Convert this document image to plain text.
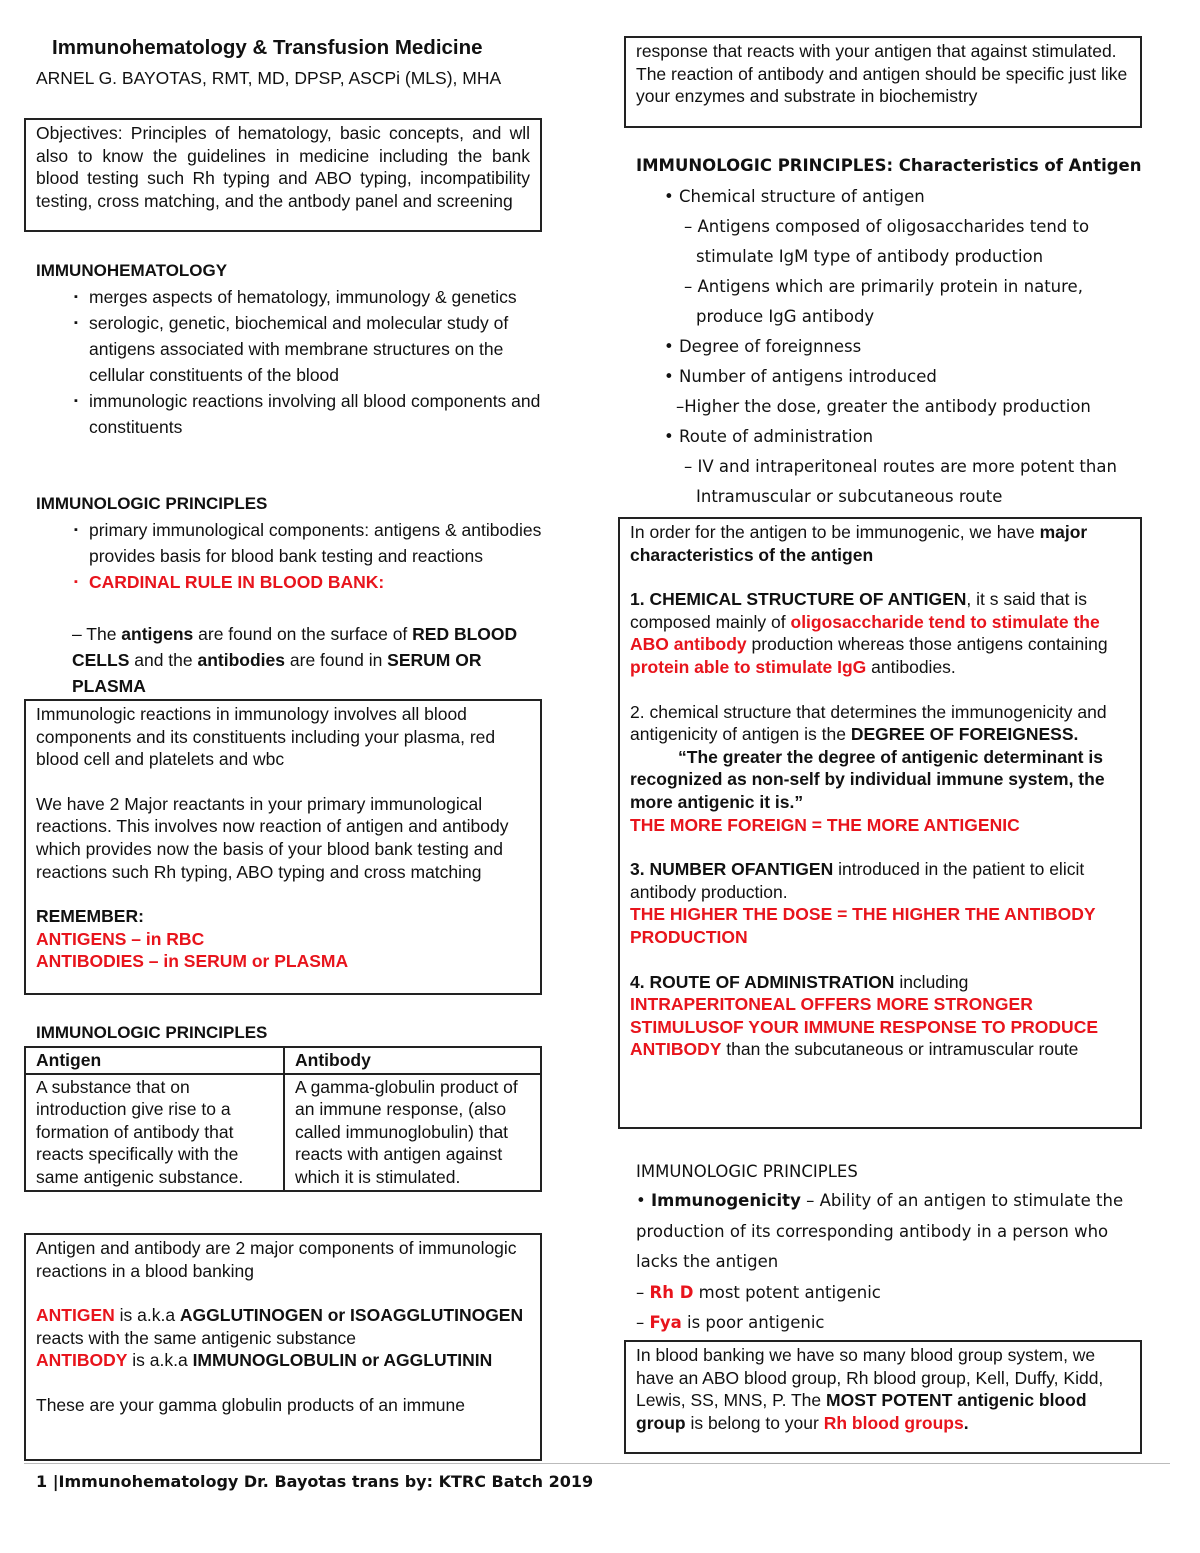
Immunohematology & Transfusion Medicine
ARNEL G. BAYOTAS, RMT, MD, DPSP, ASCPi (MLS), MHA
Objectives: Principles of hematology, basic concepts, and wll also to know the guidelines in medicine including the bank blood testing such Rh typing and ABO typing, incompatibility testing, cross matching, and the antbody panel and screening
IMMUNOHEMATOLOGY
▪ merges aspects of hematology, immunology & genetics
▪ serologic, genetic, biochemical and molecular study of antigens associated with membrane structures on the cellular constituents of the blood
▪ immunologic reactions involving all blood components and constituents
IMMUNOLOGIC PRINCIPLES
▪ primary immunological components: antigens & antibodies provides basis for blood bank testing and reactions
▪ CARDINAL RULE IN BLOOD BANK:
– The antigens are found on the surface of RED BLOOD CELLS and the antibodies are found in SERUM OR PLASMA
Immunologic reactions in immunology involves all blood components and its constituents including your plasma, red blood cell and platelets and wbc
We have 2 Major reactants in your primary immunological reactions. This involves now reaction of antigen and antibody which provides now the basis of your blood bank testing and reactions such Rh typing, ABO typing and cross matching
REMEMBER:
ANTIGENS – in RBC
ANTIBODIES – in SERUM or PLASMA
IMMUNOLOGIC PRINCIPLES
Antigen	Antibody
A substance that on introduction give rise to a formation of antibody that reacts specifically with the same antigenic substance.	A gamma-globulin product of an immune response, (also called immunoglobulin) that reacts with antigen against which it is stimulated.
Antigen and antibody are 2 major components of immunologic reactions in a blood banking
ANTIGEN is a.k.a AGGLUTINOGEN or ISOAGGLUTINOGEN reacts with the same antigenic substance
ANTIBODY is a.k.a IMMUNOGLOBULIN or AGGLUTININ
These are your gamma globulin products of an immune
response that reacts with your antigen that against stimulated. The reaction of antibody and antigen should be specific just like your enzymes and substrate in biochemistry
IMMUNOLOGIC PRINCIPLES: Characteristics of Antigen
• Chemical structure of antigen
– Antigens composed of oligosaccharides tend to
stimulate IgM type of antibody production
– Antigens which are primarily protein in nature,
produce IgG antibody
• Degree of foreignness
• Number of antigens introduced
–Higher the dose, greater the antibody production
• Route of administration
– IV and intraperitoneal routes are more potent than
Intramuscular or subcutaneous route
In order for the antigen to be immunogenic, we have major characteristics of the antigen
1. CHEMICAL STRUCTURE OF ANTIGEN, it s said that is composed mainly of oligosaccharide tend to stimulate the ABO antibody production whereas those antigens containing protein able to stimulate IgG antibodies.
2. chemical structure that determines the immunogenicity and antigenicity of antigen is the DEGREE OF FOREIGNESS.
“The greater the degree of antigenic determinant is recognized as non-self by individual immune system, the more antigenic it is.”
THE MORE FOREIGN = THE MORE ANTIGENIC
3. NUMBER OFANTIGEN introduced in the patient to elicit antibody production.
THE HIGHER THE DOSE = THE HIGHER THE ANTIBODY PRODUCTION
4. ROUTE OF ADMINISTRATION including INTRAPERITONEAL OFFERS MORE STRONGER STIMULUSOF YOUR IMMUNE RESPONSE TO PRODUCE ANTIBODY than the subcutaneous or intramuscular route
IMMUNOLOGIC PRINCIPLES
• Immunogenicity – Ability of an antigen to stimulate the production of its corresponding antibody in a person who lacks the antigen
– Rh D most potent antigenic
– Fya is poor antigenic
In blood banking we have so many blood group system, we have an ABO blood group, Rh blood group, Kell, Duffy, Kidd, Lewis, SS, MNS, P. The MOST POTENT antigenic blood group is belong to your Rh blood groups.
1 |Immunohematology Dr. Bayotas trans by: KTRC Batch 2019
